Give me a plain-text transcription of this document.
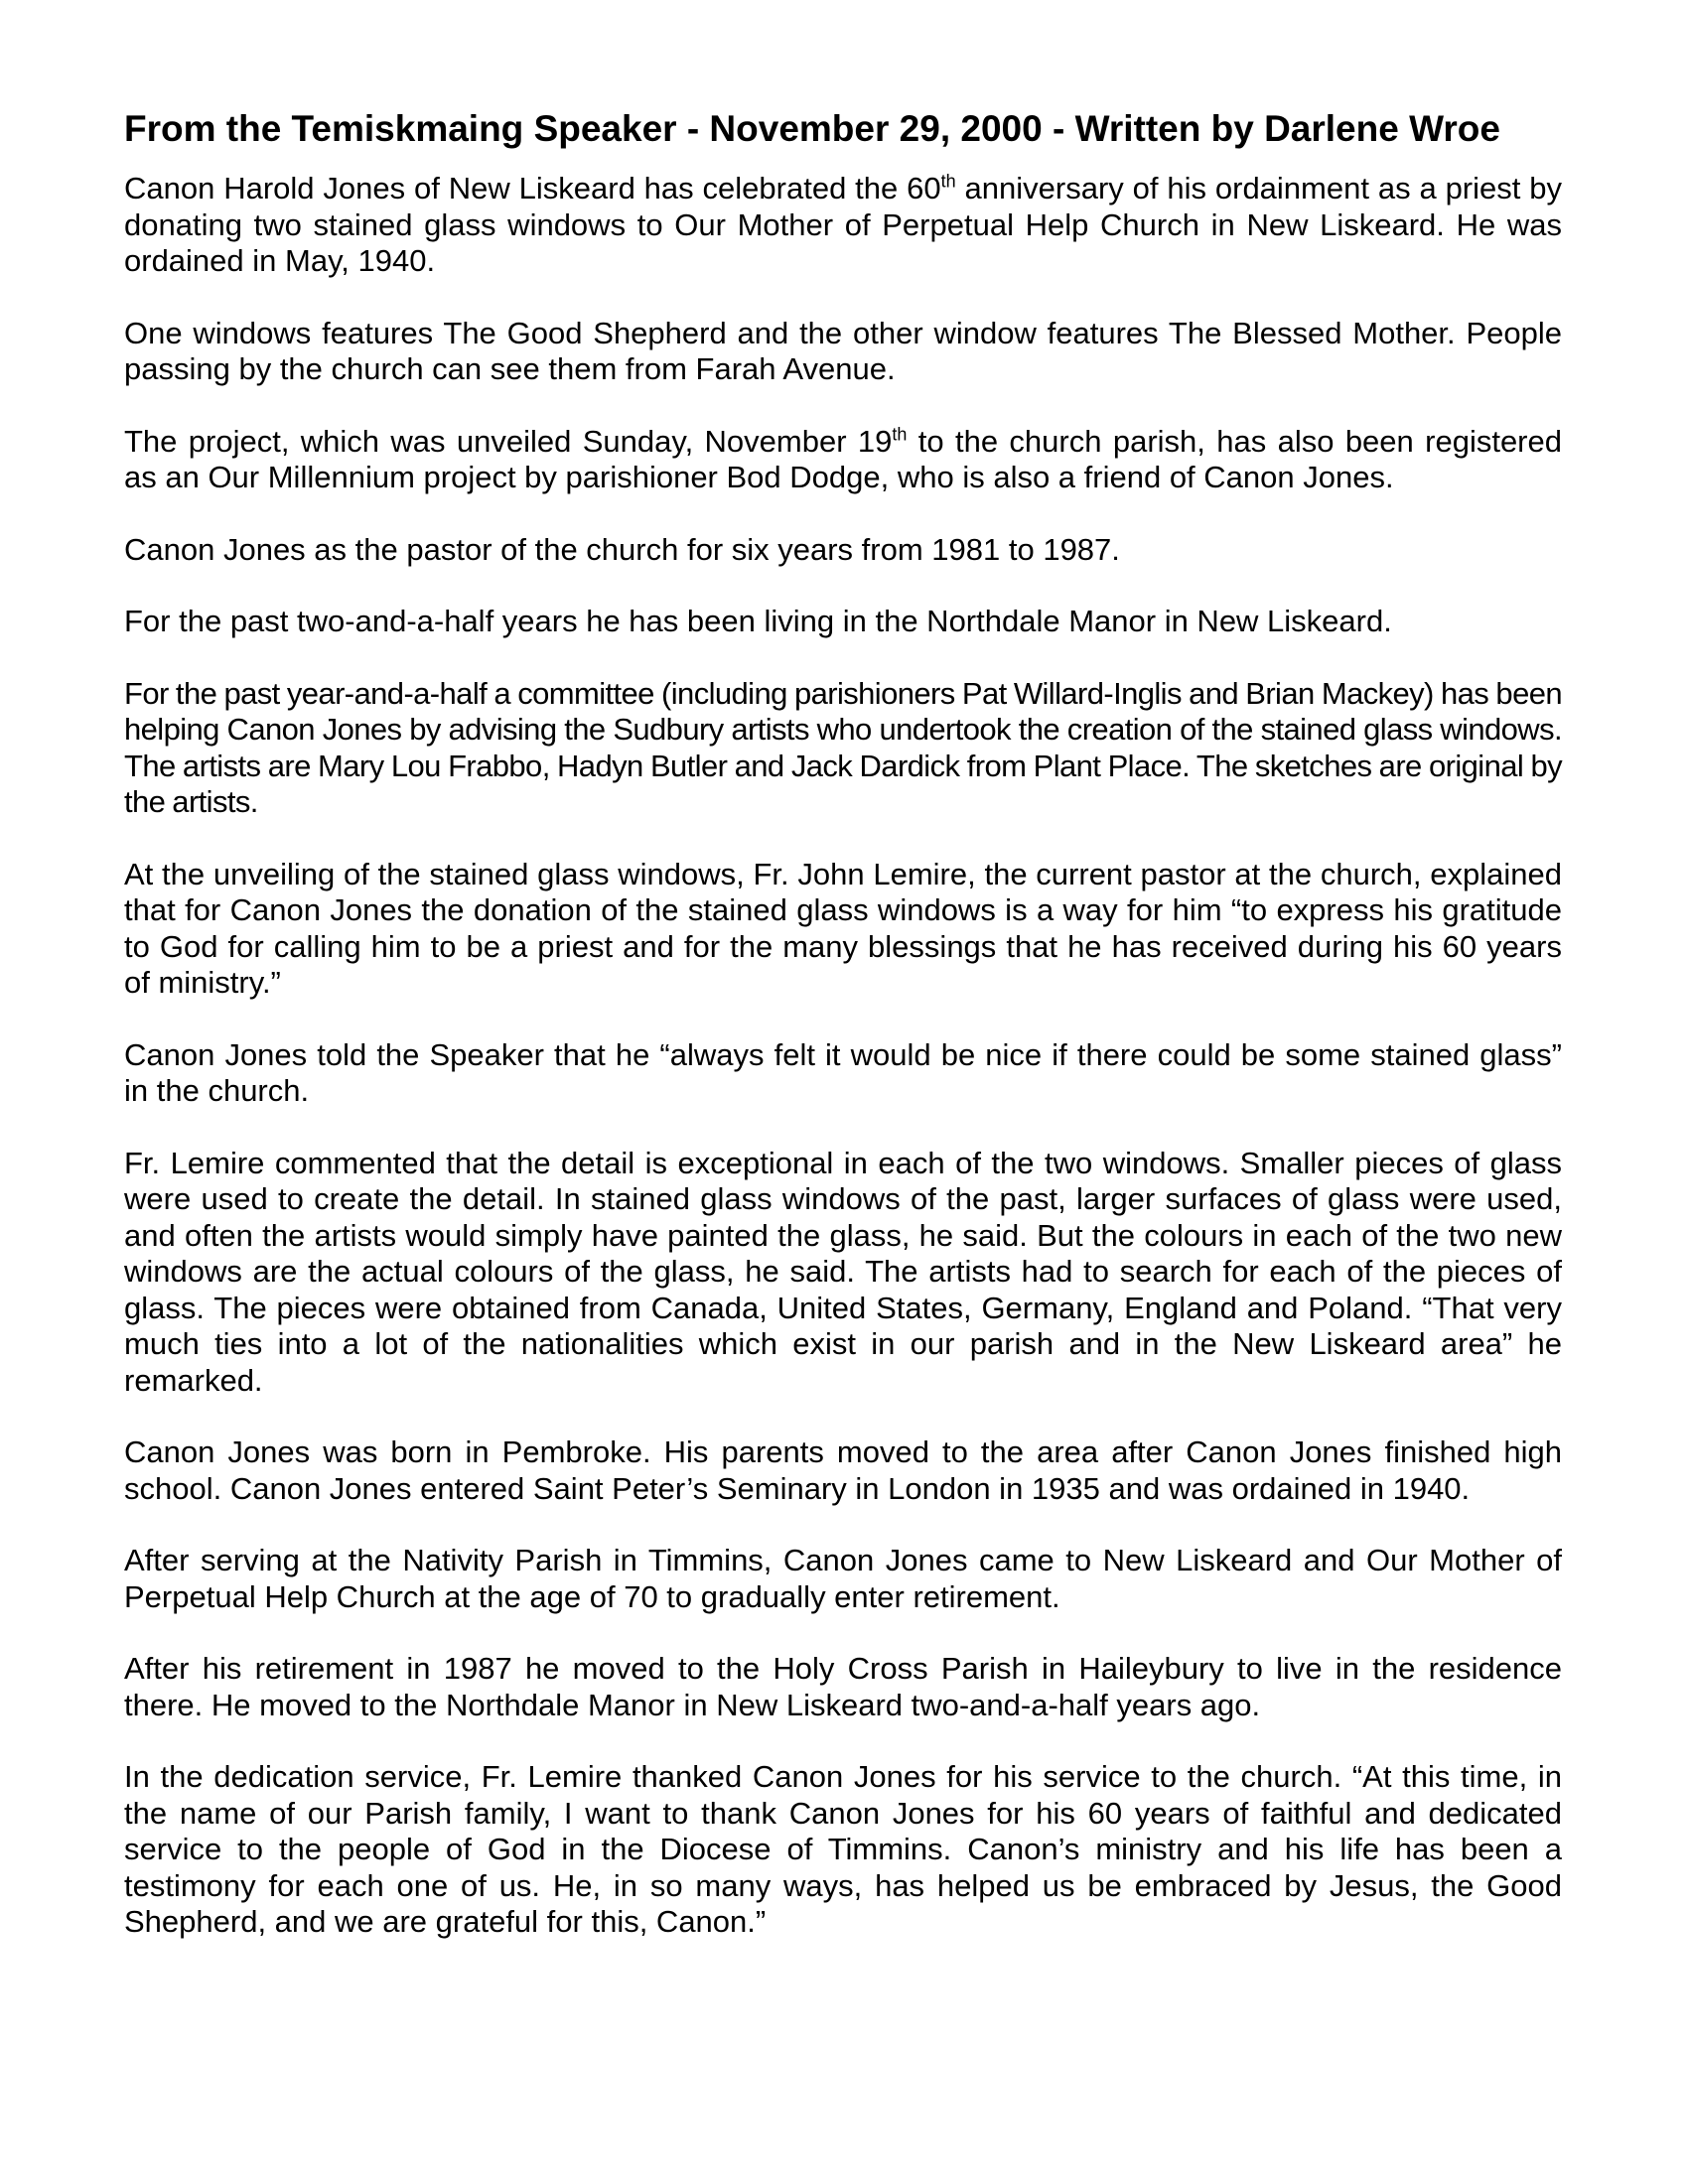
From the Temiskmaing Speaker - November 29, 2000 - Written by Darlene Wroe

Canon Harold Jones of New Liskeard has celebrated the 60th anniversary of his ordainment as a priest by donating two stained glass windows to Our Mother of Perpetual Help Church in New Liskeard. He was ordained in May, 1940.

One windows features The Good Shepherd and the other window features The Blessed Mother. People passing by the church can see them from Farah Avenue.

The project, which was unveiled Sunday, November 19th to the church parish, has also been registered as an Our Millennium project by parishioner Bod Dodge, who is also a friend of Canon Jones.

Canon Jones as the pastor of the church for six years from 1981 to 1987.

For the past two-and-a-half years he has been living in the Northdale Manor in New Liskeard.

For the past year-and-a-half a committee (including parishioners Pat Willard-Inglis and Brian Mackey) has been helping Canon Jones by advising the Sudbury artists who undertook the creation of the stained glass windows. The artists are Mary Lou Frabbo, Hadyn Butler and Jack Dardick from Plant Place. The sketches are original by the artists.

At the unveiling of the stained glass windows, Fr. John Lemire, the current pastor at the church, explained that for Canon Jones the donation of the stained glass windows is a way for him “to express his gratitude to God for calling him to be a priest and for the many blessings that he has received during his 60 years of ministry.”

Canon Jones told the Speaker that he “always felt it would be nice if there could be some stained glass” in the church.

Fr. Lemire commented that the detail is exceptional in each of the two windows. Smaller pieces of glass were used to create the detail. In stained glass windows of the past, larger surfaces of glass were used, and often the artists would simply have painted the glass, he said. But the colours in each of the two new windows are the actual colours of the glass, he said. The artists had to search for each of the pieces of glass. The pieces were obtained from Canada, United States, Germany, England and Poland. “That very much ties into a lot of the nationalities which exist in our parish and in the New Liskeard area” he remarked.

Canon Jones was born in Pembroke. His parents moved to the area after Canon Jones finished high school. Canon Jones entered Saint Peter’s Seminary in London in 1935 and was ordained in 1940.

After serving at the Nativity Parish in Timmins, Canon Jones came to New Liskeard and Our Mother of Perpetual Help Church at the age of 70 to gradually enter retirement.

After his retirement in 1987 he moved to the Holy Cross Parish in Haileybury to live in the residence there. He moved to the Northdale Manor in New Liskeard two-and-a-half years ago.

In the dedication service, Fr. Lemire thanked Canon Jones for his service to the church. “At this time, in the name of our Parish family, I want to thank Canon Jones for his 60 years of faithful and dedicated service to the people of God in the Diocese of Timmins. Canon’s ministry and his life has been a testimony for each one of us. He, in so many ways, has helped us be embraced by Jesus, the Good Shepherd, and we are grateful for this, Canon.”
